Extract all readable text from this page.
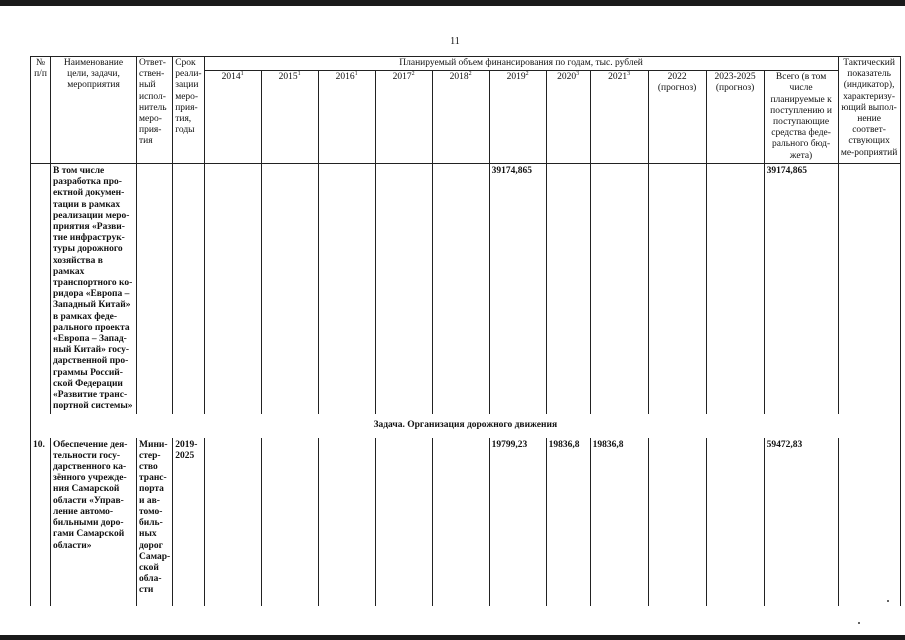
11
№ п/п	Наименование цели, задачи, мероприятия	Ответ-ствен-ный испол-нитель меро-прия-тия	Срок реали-зации меро-прия-тия, годы	Планируемый объем финансирования по годам, тыс. рублей											Тактический показатель (индикатор), характеризу-ющий выпол-нение соответ-ствующих ме-роприятий
				2014$^1$	2015$^1$	2016$^1$	2017$^2$	2018$^2$	2019$^2$	2020$^3$	2021$^3$	2022 (прогноз)	2023-2025 (прогноз)	Всего (в том числе планируемые к поступлению и поступающие средства феде-рального бюд-жета)	
	В том числе разработка про-ектной докумен-тации в рамках реализации меро-приятия «Разви-тие инфраструк-туры дорожного хозяйства в рамках транспортного ко-ридора «Европа – Западный Китай» в рамках феде-рального проекта «Европа – Запад-ный Китай» госу-дарственной про-граммы Россий-ской Федерации «Развитие транс-портной системы»								39174,865					39174,865	
Задача. Организация дорожного движения															
10.	Обеспечение дея-тельности госу-дарственного ка-зённого учрежде-ния Самарской области «Управ-ление автомо-бильными доро-гами Самарской области»	Мини-стер-ство транс-порта и ав-томо-биль-ных дорог Самар-ской обла-сти	2019-2025						19799,23	19836,8	19836,8			59472,83	
